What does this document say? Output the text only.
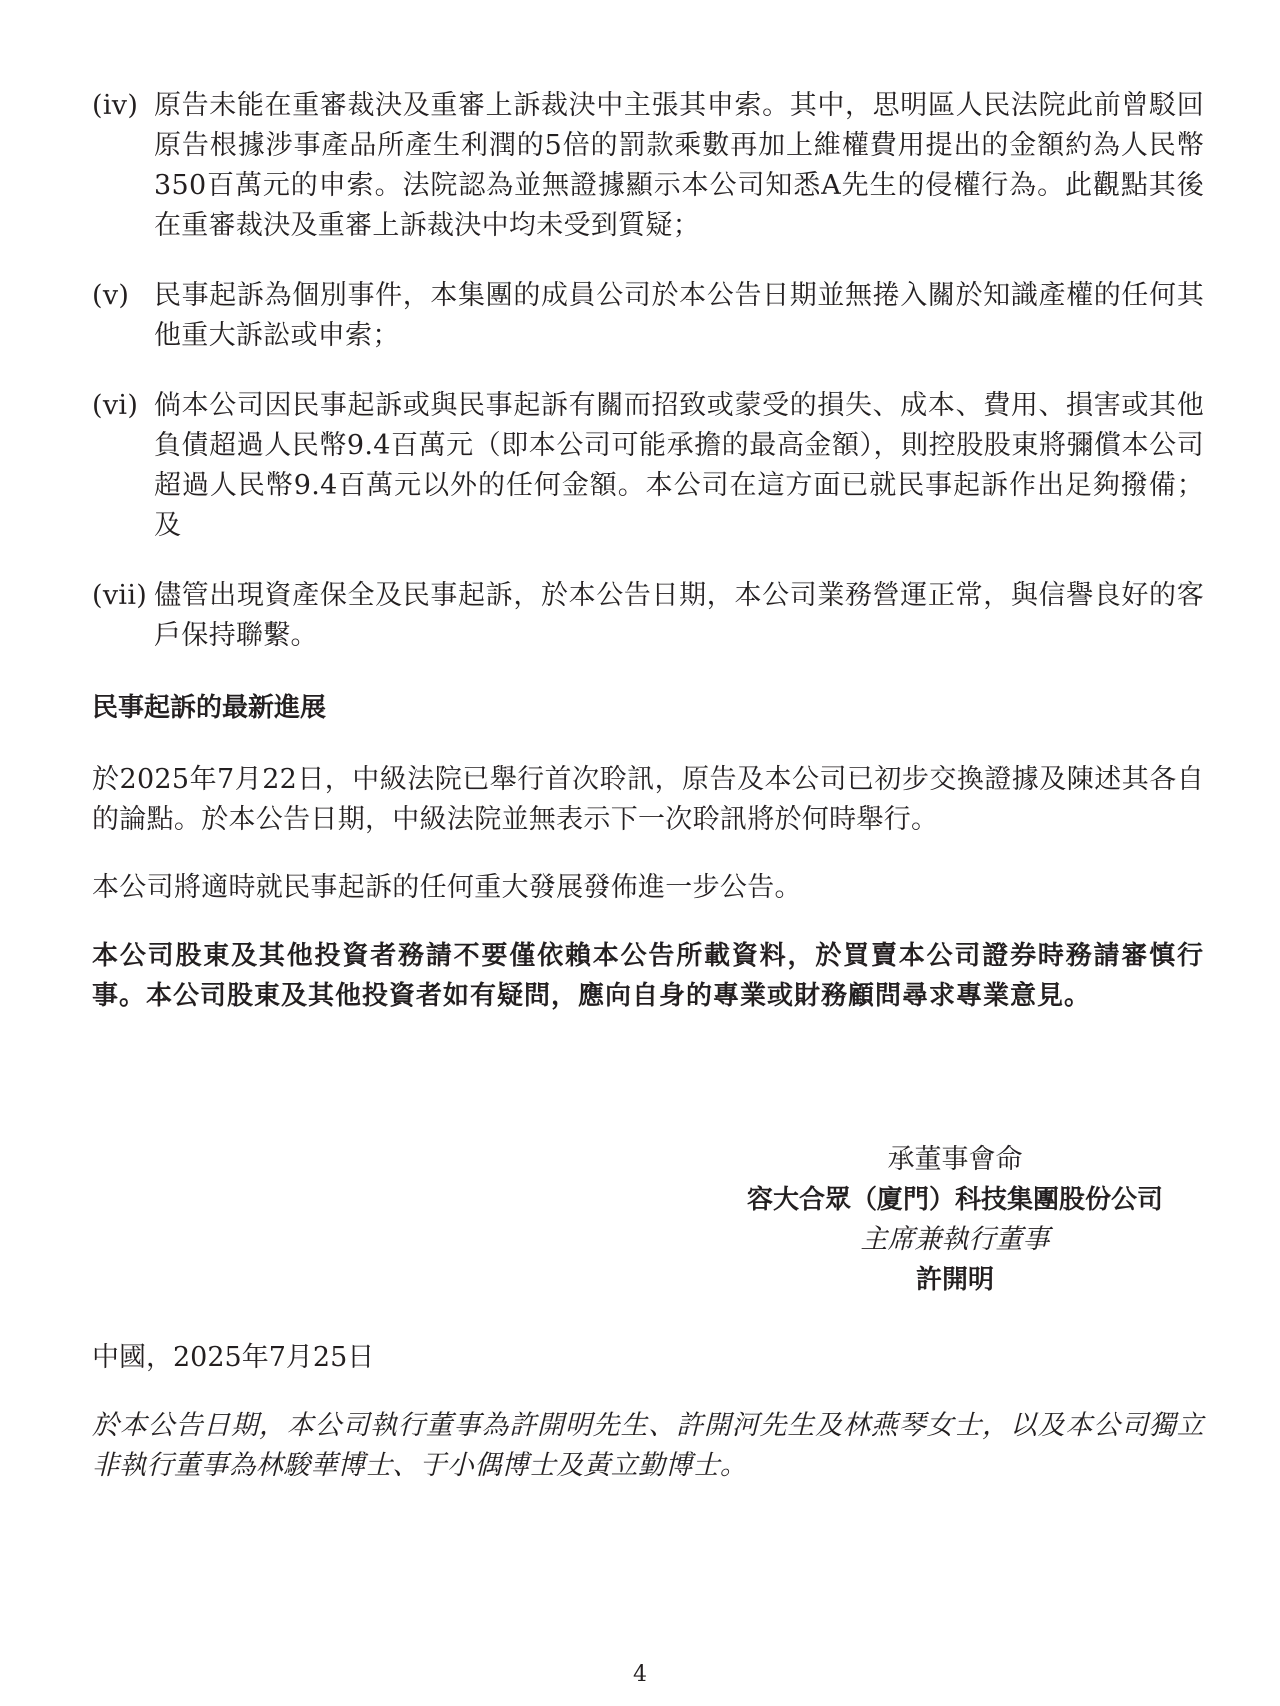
(iv) 原告未能在重審裁決及重審上訴裁決中主張其申索。其中，思明區人民法院此前曾駁回原告根據涉事產品所產生利潤的5倍的罰款乘數再加上維權費用提出的金額約為人民幣350百萬元的申索。法院認為並無證據顯示本公司知悉A先生的侵權行為。此觀點其後在重審裁決及重審上訴裁決中均未受到質疑；
(v) 民事起訴為個別事件，本集團的成員公司於本公告日期並無捲入關於知識產權的任何其他重大訴訟或申索；
(vi) 倘本公司因民事起訴或與民事起訴有關而招致或蒙受的損失、成本、費用、損害或其他負債超過人民幣9.4百萬元（即本公司可能承擔的最高金額），則控股股東將彌償本公司超過人民幣9.4百萬元以外的任何金額。本公司在這方面已就民事起訴作出足夠撥備；及
(vii) 儘管出現資產保全及民事起訴，於本公告日期，本公司業務營運正常，與信譽良好的客戶保持聯繫。
民事起訴的最新進展

於2025年7月22日，中級法院已舉行首次聆訊，原告及本公司已初步交換證據及陳述其各自的論點。於本公告日期，中級法院並無表示下一次聆訊將於何時舉行。

本公司將適時就民事起訴的任何重大發展發佈進一步公告。

本公司股東及其他投資者務請不要僅依賴本公告所載資料，於買賣本公司證券時務請審慎行事。本公司股東及其他投資者如有疑問，應向自身的專業或財務顧問尋求專業意見。

承董事會命
容大合眾（廈門）科技集團股份公司
主席兼執行董事
許開明
中國，2025年7月25日
於本公告日期，本公司執行董事為許開明先生、許開河先生及林燕琴女士，以及本公司獨立非執行董事為林駿華博士、于小偶博士及黃立勤博士。
4
